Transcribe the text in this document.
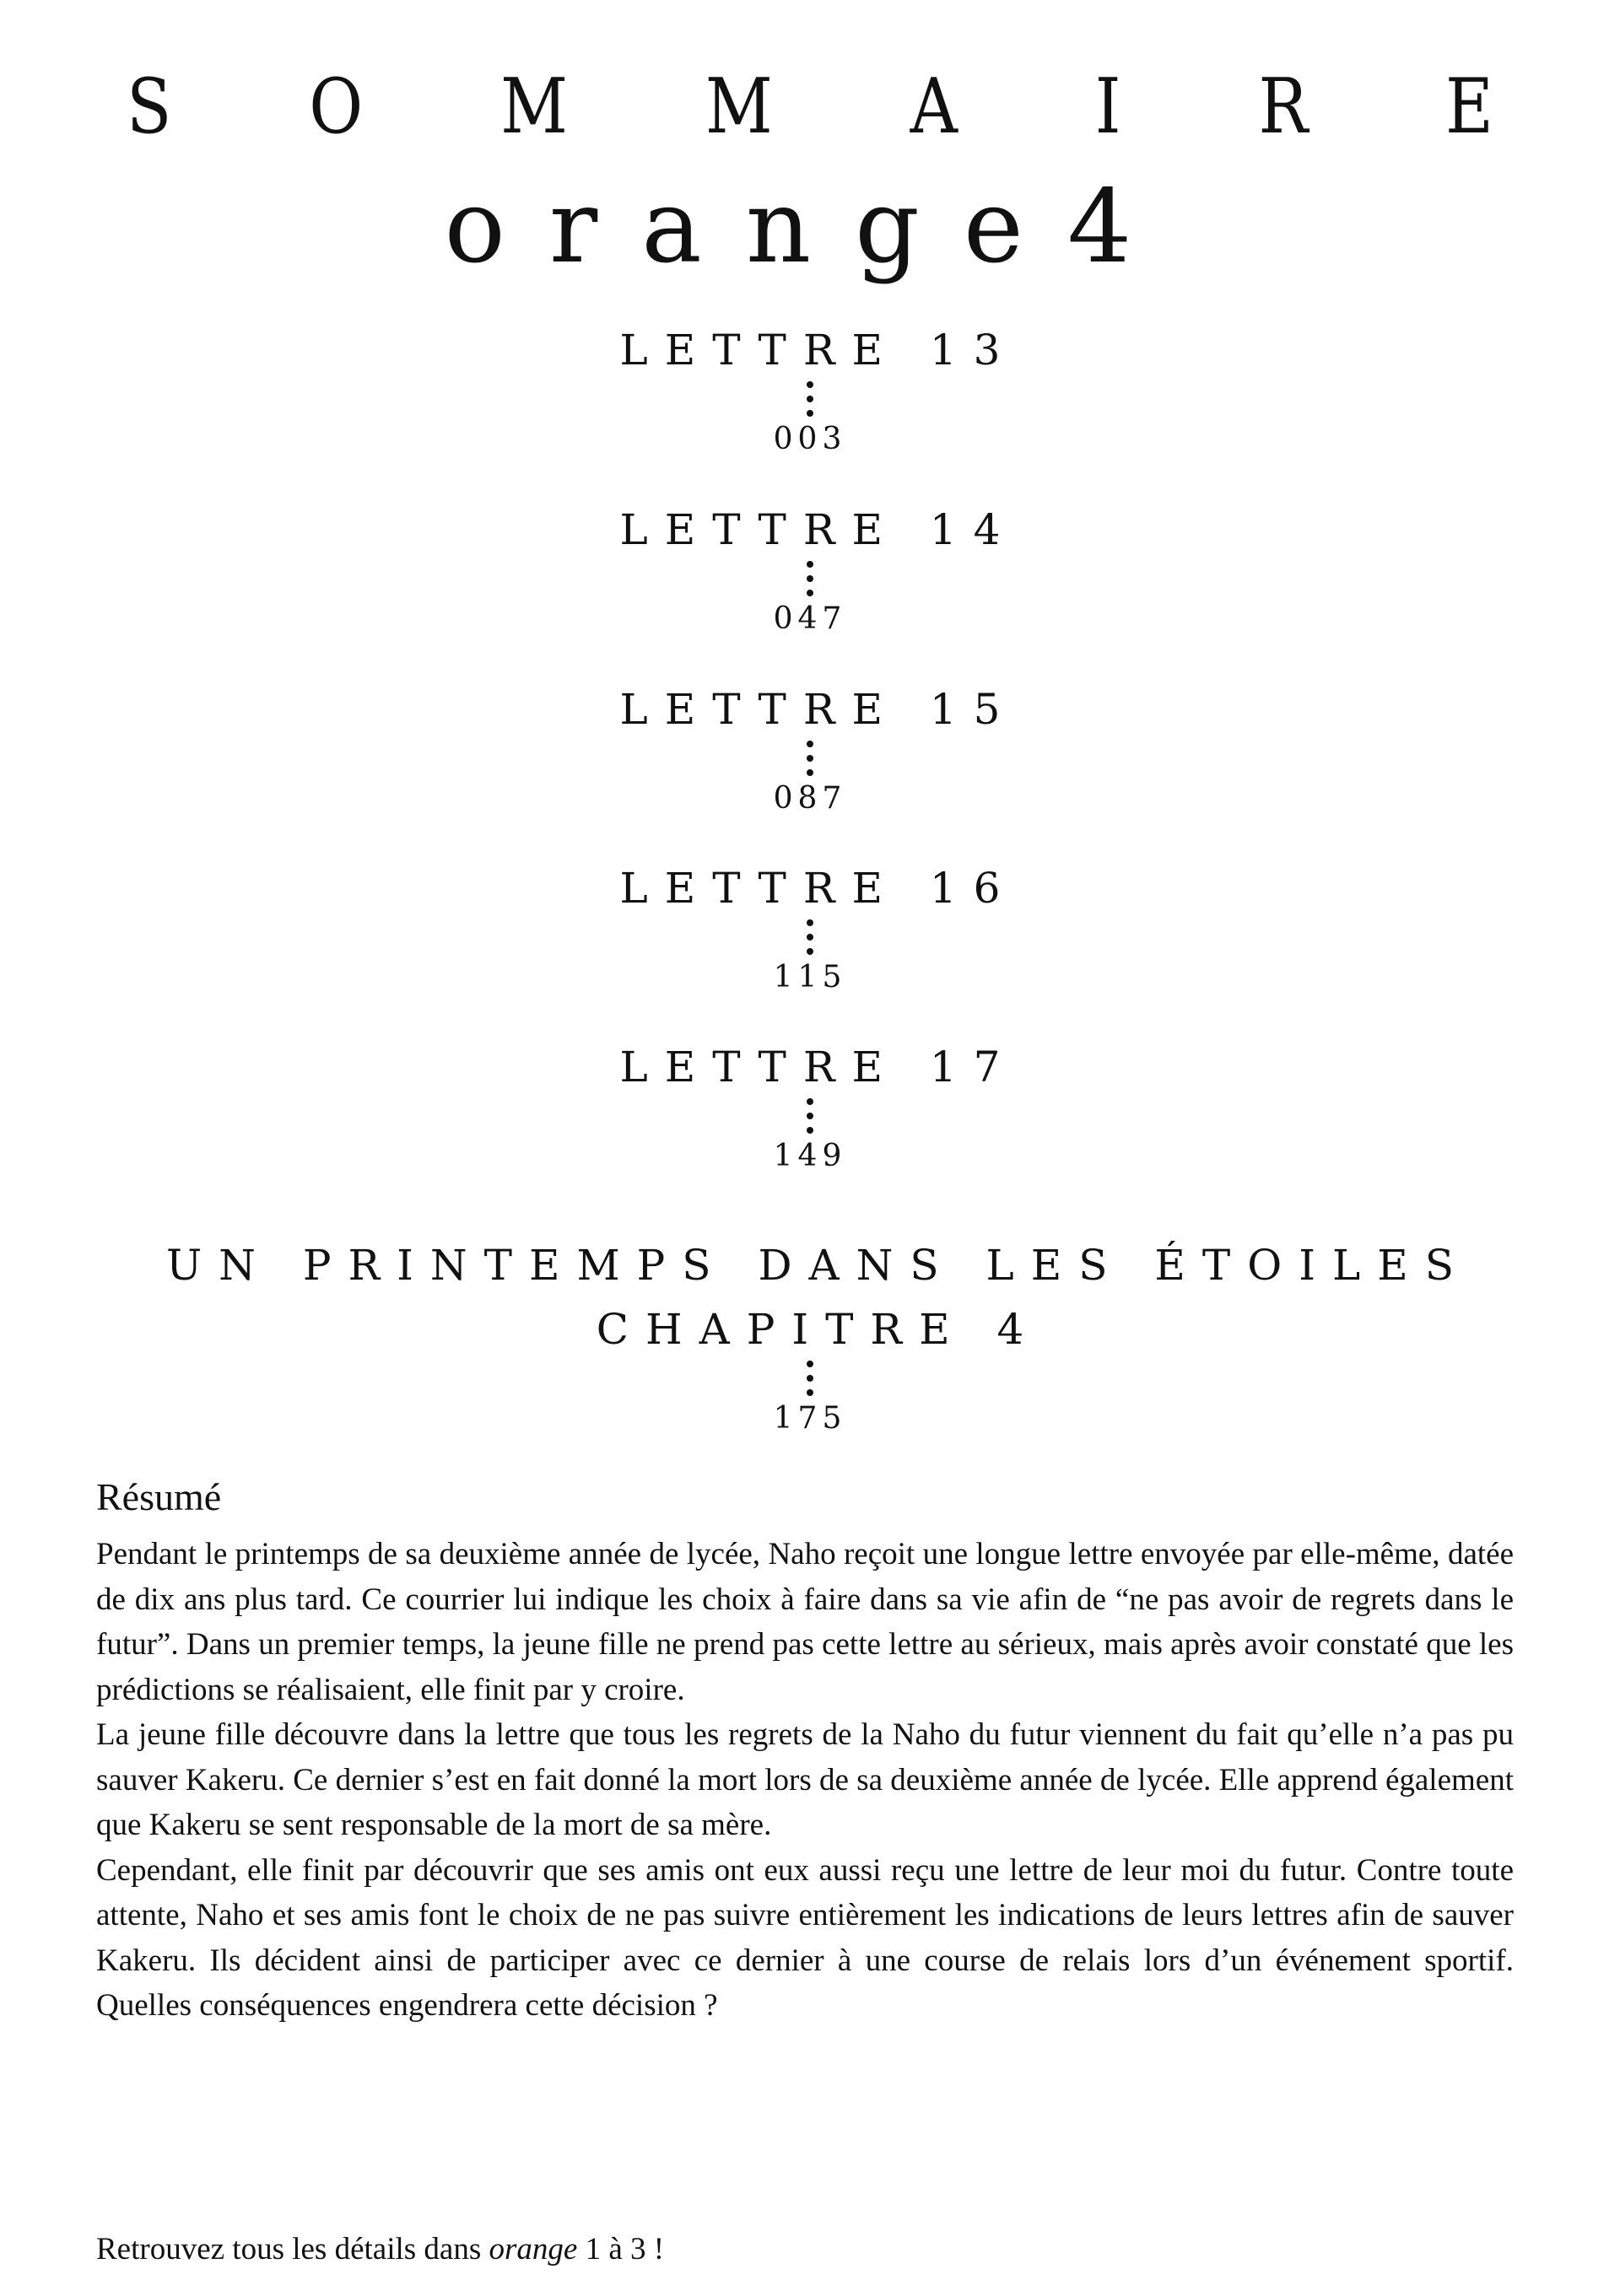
S O M M A I R E
orange4
LETTRE 13
003
LETTRE 14
047
LETTRE 15
087
LETTRE 16
115
LETTRE 17
149
UN PRINTEMPS DANS LES ÉTOILES
CHAPITRE 4
175
Résumé

Pendant le printemps de sa deuxième année de lycée, Naho reçoit une longue lettre envoyée par elle-même, datée de dix ans plus tard. Ce courrier lui indique les choix à faire dans sa vie afin de “ne pas avoir de regrets dans le futur”. Dans un premier temps, la jeune fille ne prend pas cette lettre au sérieux, mais après avoir constaté que les prédictions se réalisaient, elle finit par y croire.

La jeune fille découvre dans la lettre que tous les regrets de la Naho du futur viennent du fait qu’elle n’a pas pu sauver Kakeru. Ce dernier s’est en fait donné la mort lors de sa deuxième année de lycée. Elle apprend également que Kakeru se sent responsable de la mort de sa mère.

Cependant, elle finit par découvrir que ses amis ont eux aussi reçu une lettre de leur moi du futur. Contre toute attente, Naho et ses amis font le choix de ne pas suivre entièrement les indications de leurs lettres afin de sauver Kakeru. Ils décident ainsi de participer avec ce dernier à une course de relais lors d’un événement sportif. Quelles conséquences engendrera cette décision ?

Retrouvez tous les détails dans orange 1 à 3 !
